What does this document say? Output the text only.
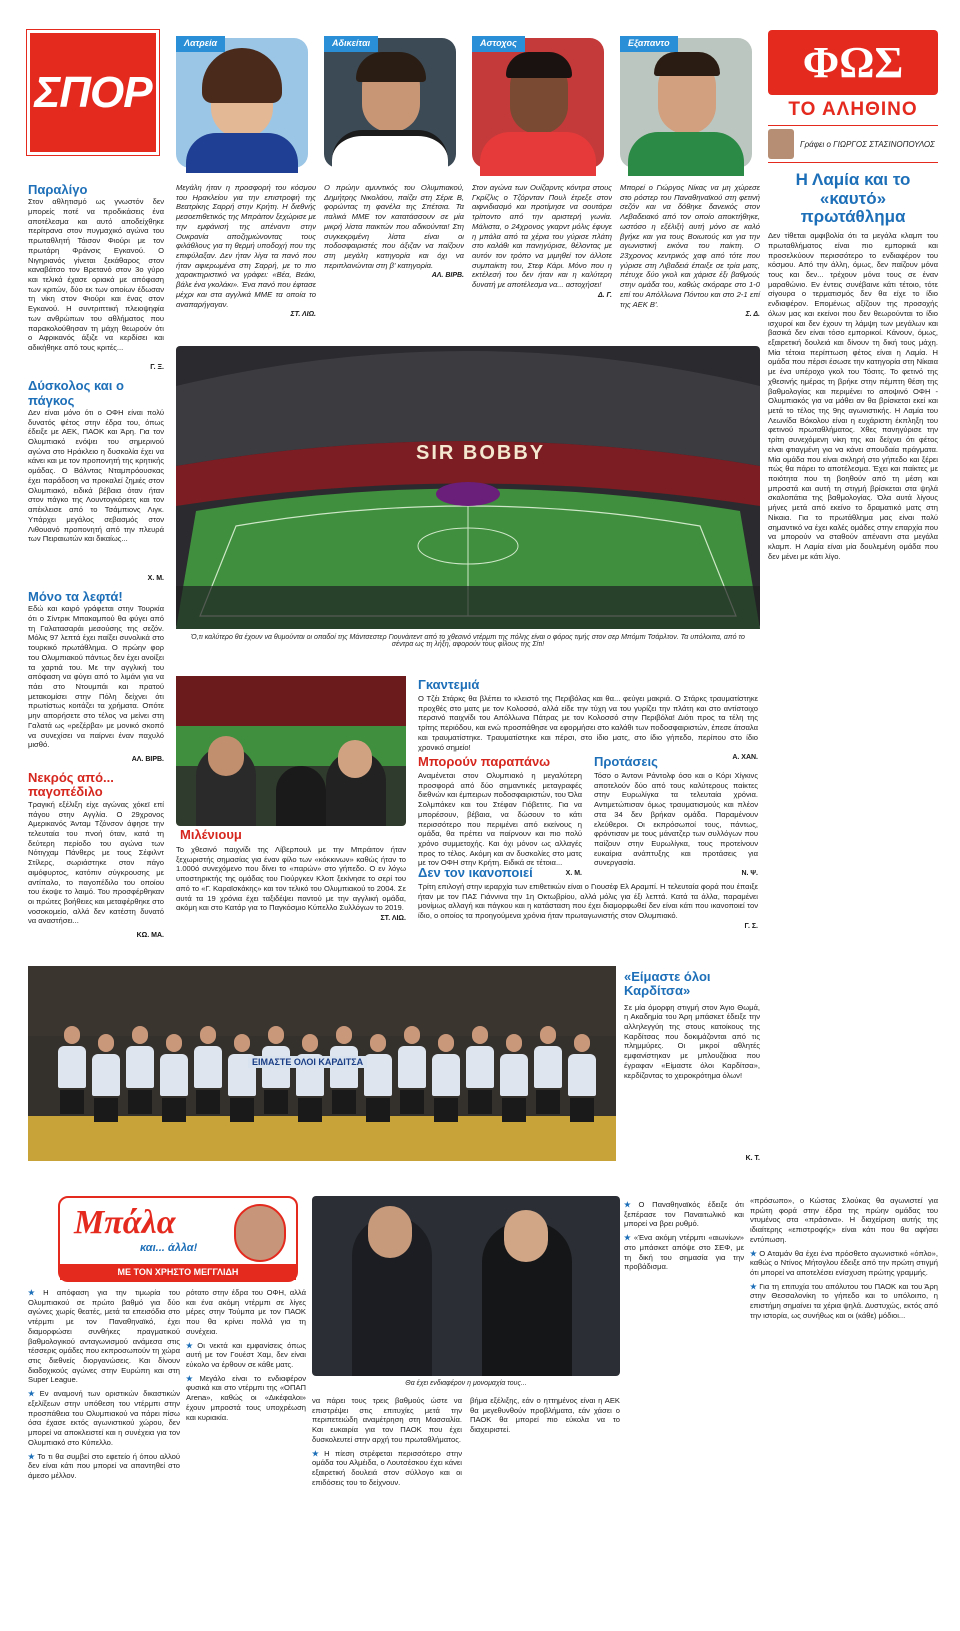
ΣΠΟΡ
Λατρεία	Αδικείται	Αστοχος	Εξαπαντο

Μεγάλη ήταν η προσφορή του κόσμου του Ηρακλείου για την επιστροφή της Βεατρίκης Σαρρή στην Κρήτη. Η διεθνής μεσοεπιθετικός της Μπράιτον ξεχώρισε με την εμφάνισή της απέναντι στην Ουκρανία αποζημιώνοντας τους φιλάθλους για τη θερμή υποδοχή που της επιφύλαξαν. Δεν ήταν λίγα τα πανό που ήταν αφιερωμένα στη Σαρρή, με το πιο χαρακτηριστικό να γράφει: «Βέα, Βεάκι, βάλε ένα γκολάκι». Ένα πανό που έφτασε μέχρι και στα αγγλικά ΜΜΕ τα οποία το αναπαρήγαγαν.

ΣΤ. ΛΙΩ.

Ο πρώην αμυντικός του Ολυμπιακού, Δημήτρης Νικολάου, παίζει στη Σέριε Β, φορώντας τη φανέλα της Σπέτσια. Τα ιταλικά ΜΜΕ τον κατατάσσουν σε μία μικρή λίστα παικτών που αδικούνται! Στη συγκεκριμένη λίστα είναι οι ποδοσφαιριστές που άξιζαν να παίζουν στη μεγάλη κατηγορία και όχι να περιπλανώνται στη β' κατηγορία.

ΑΛ. ΒΙΡΒ.

Στον αγώνα των Ουίζαρντς κόντρα στους Γκρίζλις ο Τζόρνταν Πουλ έτρεξε στον αιφνιδιασμό και προτίμησε να σουτάρει τρίποντο από την αριστερή γωνία. Μάλιστα, ο 24χρονος γκαρντ μόλις έφυγε η μπάλα από τα χέρια του γύρισε πλάτη στο καλάθι και πανηγύρισε, θέλοντας με αυτόν τον τρόπο να μιμηθεί τον άλλοτε συμπαίκτη του, Στεφ Κάρι. Μόνο που η εκτέλεσή του δεν ήταν και η καλύτερη δυνατή με αποτέλεσμα να... αστοχήσει!

Δ. Γ.

Μπορεί ο Γιώργος Νίκας να μη χώρεσε στο ρόστερ του Παναθηναϊκού στη φετινή σεζόν και να δόθηκε δανεικός στον Λεβαδειακό από τον οποίο αποκτήθηκε, ωστόσο η εξέλιξή αυτή μόνο σε καλό βγήκε και για τους Βοιωτούς και για την αγωνιστική εικόνα του παίκτη. Ο 23χρονος κεντρικός χαφ από τότε που γύρισε στη Λιβαδειά έπαιξε σε τρία ματς, πέτυχε δύο γκολ και χάρισε έξι βαθμούς στην ομάδα του, καθώς σκόραρε στο 1-0 επί του Απόλλωνα Πόντου και στο 2-1 επί της ΑΕΚ Β'.

Σ. Δ.

Παραλίγο

Στον αθλητισμό ως γνωστόν δεν μπορείς ποτέ να προδικάσεις ένα αποτέλεσμα και αυτό αποδείχθηκε περίτρανα στον πυγμαχικό αγώνα του πρωταθλητή Τάισον Φιούρι με τον πρωτάρη Φράνσις Εγκανού. Ο Νιγηριανός γίνεται ξεκάθαρος στον καναβάτσο τον Βρετανό στον 3ο γύρο και τελικά έχασε οριακά με απόφαση των κριτών, δύο εκ των οποίων έδωσαν τη νίκη στον Φιούρι και ένας στον Εγκανού. Η συντριπτική πλειοψηφία των ανθρώπων του αθλήματος που παρακολούθησαν τη μάχη θεωρούν ότι ο Αφρικανός άξιζε να κερδίσει και αδικήθηκε από τους κριτές...

Γ. Ξ.

Δύσκολος και ο πάγκος

Δεν είναι μόνο ότι ο ΟΦΗ είναι πολύ δυνατός φέτος στην έδρα του, όπως έδειξε με ΑΕΚ, ΠΑΟΚ και Άρη. Για τον Ολυμπιακό ενόψει του σημερινού αγώνα στο Ηράκλειο η δυσκολία έχει να κάνει και με τον προπονητή της κρητικής ομάδας. Ο Βάλντας Νταμπρόουσκας έχει παράδοση να προκαλεί ζημιές στον Ολυμπιακό, ειδικά βέβαια όταν ήταν στον πάγκο της Λουντογκόρετς και τον απέκλεισε από το Τσάμπιονς Λιγκ. Υπάρχει μεγάλος σεβασμός στον Λιθουανό προπονητή από την πλευρά των Πειραιωτών και δικαίως...

Χ. Μ.

Μόνο τα λεφτά!

Εδώ και καιρό γράφεται στην Τουρκία ότι ο Σίντρικ Μπακαμπού θα φύγει από τη Γαλατασαράι μεσούσης της σεζόν. Μόλις 97 λεπτά έχει παίξει συνολικά στο τουρκικό πρωτάθλημα. Ο πρώην φορ του Ολυμπιακού πάντως δεν έχει ανοίξει τα χαρτιά του. Με την αγγλική του απόφαση να φύγει από το λιμάνι για να πάει στο Ντουμπάι και πρατού μετακομίσει στην Πόλη δείχνει ότι πρωτίστως κοιτάζει τα χρήματα. Οπότε μην απορήσετε στο τέλος να μείνει στη Γαλατά ως «ρεζέρβα» με μονικό σκοπό να συνεχίσει να παίρνει έναν παχυλό μισθό.

ΑΛ. ΒΙΡΒ.

Νεκρός από... παγοπέδιλο

Τραγική εξέλιξη είχε αγώνας χόκεϊ επί πάγου στην Αγγλία. Ο 29χρονος Αμερικανός Άνταμ Τζόνσον άφησε την τελευταία του πνοή όταν, κατά τη δεύτερη περίοδο του αγώνα των Νότιγχαμ Πάνθερς με τους Σέφιλντ Στίλερς, σωριάστηκε στον πάγο αιμόφυρτος, κατόπιν σύγκρουσης με αντίπαλο, το παγοπέδιλο του οποίου του έκοψε το λαιμό. Του προσφέρθηκαν οι πρώτες βοήθειες και μεταφέρθηκε στο νοσοκομείο, αλλά δεν κατέστη δυνατό να αναστήσει...

ΚΩ. ΜΑ.

ΦΩΣ
ΤΟ ΑΛΗΘΙΝΟ
Γράφει ο ΓΙΩΡΓΟΣ ΣΤΑΣΙΝΟΠΟΥΛΟΣ
Η Λαμία και το «καυτό» πρωτάθλημα

Δεν τίθεται αμφιβολία ότι τα μεγάλα κλαμπ του πρωταθλήματος είναι πιο εμπορικά και προσελκύουν περισσότερο το ενδιαφέρον του κόσμου. Από την άλλη, όμως, δεν παίζουν μόνα τους και δεν... τρέχουν μόνα τους σε έναν μαραθώνιο. Εν έντεις συνέβαινε κάτι τέτοιο, τότε σίγουρα ο τερματισμός δεν θα είχε το ίδιο ενδιαφέρον. Επομένως αξίζουν της προσοχής όλων μας και εκείνοι που δεν θεωρούνται το ίδιο ισχυροί και δεν έχουν τη λάμψη των μεγάλων και βασικά δεν είναι τόσο εμπορικοί. Κάνουν, όμως, εξαιρετική δουλειά και δίνουν τη δική τους μάχη. Μία τέτοια περίπτωση φέτος είναι η Λαμία. Η ομάδα που πέρσι έσωσε την κατηγορία στη Νίκαια με ένα υπέροχο γκολ του Τόσιτς. Το φετινό της χθεσινής ημέρας τη βρήκε στην πέμπτη θέση της βαθμολογίας και περιμένει το αποψινό ΟΦΗ - Ολυμπιακός για να μάθει αν θα βρίσκεται εκεί και μετά το τέλος της 9ης αγωνιστικής. Η Λαμία του Λεωνίδα Βόκολου είναι η ευχάριστη έκπληξη του φετινού πρωταθλήματος. Χθες πανηγύρισε την τρίτη συνεχόμενη νίκη της και δείχνει ότι φέτος είναι φτιαγμένη για να κάνει σπουδαία πράγματα. Μία ομάδα που είναι σκληρή στο γήπεδο και ξέρει πώς θα πάρει το αποτέλεσμα. Έχει και παίκτες με ποιότητα που τη βοηθούν από τη μέση και μπροστά και αυτή τη στιγμή βρίσκεται στα ψηλά σκαλοπάτια της βαθμολογίας. Όλα αυτά λίγους μήνες μετά από εκείνο το δραματικό ματς στη Νίκαια. Για το πρωτάθλημα μας είναι πολύ σημαντικό να έχει καλές ομάδες στην επαρχία που να μπορούν να σταθούν απέναντι στα μεγάλα κλαμπ. Η Λαμία είναι μία δουλεμένη ομάδα που δεν μένει με κάτι λίγο.

SIR BOBBY
Ό,τι καλύτερο θα έχουν να θυμούνται οι οπαδοί της Μάντσεστερ Γιουνάιτεντ από το χθεσινό ντέρμπι της πόλης είναι ο φόρος τιμής στον σερ Μπόμπι Τσάρλτον. Τα υπόλοιπα, από το σέντρα ως τη λήξη, αφορούν τους φίλους της Σίτι!
Μιλένιουμ

Το χθεσινό παιχνίδι της Λίβερπουλ με την Μπράιτον ήταν ξεχωριστής σημασίας για έναν φίλο των «κόκκινων» καθώς ήταν το 1.000ό συνεχόμενο που δίνει το «παρών» στο γήπεδο. Ο εν λόγω υποστηρικτής της ομάδας του Γιούργκεν Κλοπ ξεκίνησε το σερί του από το «Γ. Καραϊσκάκης» και τον τελικό του Ολυμπιακού το 2004. Σε αυτά τα 19 χρόνια έχει ταξιδέψει παντού με την αγγλική ομάδα, ακόμη και στο Κατάρ για το Παγκόσμιο Κύπελλο Συλλόγων το 2019.

ΣΤ. ΛΙΩ.

Γκαντεμιά

Ο Τζέι Στάρκς θα βλέπει το κλειστό της Περιβόλας και θα... φεύγει μακριά. Ο Στάρκς τραυματίστηκε προχθές στο ματς με τον Κολοσσό, αλλά είδε την τύχη να του γυρίζει την πλάτη και στο αντίστοιχο περσινό παιχνίδι του Απόλλωνα Πάτρας με τον Κολοσσό στην Περιβόλα! Διότι προς τα τέλη της τρίτης περιόδου, και ενώ προσπάθησε να εφορμήσει στο καλάθι των ποδοσφαιριστών, έπεσε άτσαλα και τραυματίστηκε. Τραυματίστηκε και πέρσι, στο ίδιο ματς, στο ίδιο γήπεδο, περίπου στο ίδιο χρονικό σημείο!

Α. ΧΑΝ.

Μπορούν παραπάνω

Αναμένεται στον Ολυμπιακό η μεγαλύτερη προσφορά από δύο σημαντικές μεταγραφές διεθνών και έμπειρων ποδοσφαιριστών, του Όλα Σολμπάκεν και του Στέφαν Γιόβετιτς. Για να μπορέσουν, βέβαια, να δώσουν το κάτι περισσότερο που περιμένει από εκείνους η ομάδα, θα πρέπει να παίρνουν και πιο πολύ χρόνο συμμετοχής. Και όχι μόνον ως αλλαγές προς το τέλος. Ακόμη και αν δυσκολίες στο ματς με τον ΟΦΗ στην Κρήτη. Ειδικά σε τέτοια...

Χ. Μ.

Προτάσεις

Τόσο ο Άντονι Ράντολφ όσο και ο Κόρι Χίγκινς αποτελούν δύο από τους καλύτερους παίκτες στην Ευρωλίγκα τα τελευταία χρόνια. Αντιμετώπισαν όμως τραυματισμούς και πλέον στα 34 δεν βρήκαν ομάδα. Παραμένουν ελεύθεροι. Οι εκπρόσωποί τους, πάντως, φρόντισαν με τους μάνατζερ των συλλόγων που παίζουν στην Ευρωλίγκα, τους προτείνουν ευκαίρια ανάπτυξης και προτάσεις για συνεργασία.

Ν. Ψ.

Δεν τον ικανοποιεί

Τρίτη επιλογή στην ιεραρχία των επιθετικών είναι ο Γιουσέφ Ελ Αραμπί. Η τελευταία φορά που έπαιξε ήταν με τον ΠΑΣ Γιάννινα την 1η Οκτωβρίου, αλλά μόλις για έξι λεπτά. Κατά τα άλλα, παραμένει μονίμως αλλαγή και πάγκου και η κατάσταση που έχει διαμορφωθεί δεν είναι κάτι που ικανοποιεί τον ίδιο, ο οποίος τα προηγούμενα χρόνια ήταν πρωταγωνιστής στον Ολυμπιακό.

Γ. Σ.

ΕΙΜΑΣΤΕ ΟΛΟΙ ΚΑΡΔΙΤΣΑ
«Είμαστε όλοι Καρδίτσα»

Σε μία όμορφη στιγμή στον Άγιο Θωμά, η Ακαδημία του Άρη μπάσκετ έδειξε την αλληλεγγύη της στους κατοίκους της Καρδίτσας που δοκιμάζονται από τις πλημμύρες. Οι μικροί αθλητές εμφανίστηκαν με μπλουζάκια που έγραφαν «Είμαστε όλοι Καρδίτσα», κερδίζοντας το χειροκρότημα όλων!

Κ. Τ.

Μπάλα
και... άλλα!
ΜΕ ΤΟΝ ΧΡΗΣΤΟ ΜΕΓΓΛΙΔΗ
Θα έχει ενδιαφέρον η μονομαχία τους...

★ Η απόφαση για την τιμωρία του Ολυμπιακού σε πρώτο βαθμό για δύο αγώνες χωρίς θεατές, μετά τα επεισόδια στο ντέρμπι με τον Παναθηναϊκό, έχει διαμορφώσει συνθήκες πραγματικού βαθμολογικού ανταγωνισμού ανάμεσα στις τέσσερις ομάδες που εκπροσωπούν τη χώρα στις διεθνείς διοργανώσεις. Και δίνουν διαδοχικούς αγώνες στην Ευρώπη και στη Super League.

★ Εν αναμονή των οριστικών δικαστικών εξελίξεων στην υπόθεση του ντέρμπι στην προσπάθεια του Ολυμπιακού να πάρει πίσω όσα έχασε εκτός αγωνιστικού χώρου, δεν μπορεί να αποκλειστεί και η συνέχεια για τον Ολυμπιακό στο Κύπελλο.

★ Το τι θα συμβεί στο εφετείο ή όπου αλλού δεν είναι κάτι που μπορεί να απαντηθεί στο άμεσο μέλλον.

ρότατο στην έδρα του ΟΦΗ, αλλά και ένα ακόμη ντέρμπι σε λίγες μέρες στην Τούμπα με τον ΠΑΟΚ που θα κρίνει πολλά για τη συνέχεια.

★ Οι νεκτά και εμφανίσεις όπως αυτή με τον Γουέστ Χαμ, δεν είναι εύκολο να έρθουν σε κάθε ματς.

★ Μεγάλο είναι το ενδιαφέρον φυσικά και στο ντέρμπι της «ΟΠΑΠ Arena», καθώς οι «Δικέφαλοι» έχουν μπροστά τους υποχρέωση και κυριακία.

να πάρει τους τρεις βαθμούς ώστε να επιστρέψει στις επιτυχίες μετά την περιπετειώδη αναμέτρηση στη Μασσαλία. Και ευκαιρία για τον ΠΑΟΚ που έχει δυσκολευτεί στην αρχή του πρωταθλήματος.

★ Η πίεση στρέφεται περισσότερο στην ομάδα του Αλμέιδα, ο Λουτσέσκου έχει κάνει εξαιρετική δουλειά στον σύλλογο και οι επιδόσεις του το δείχνουν.

βήμα εξέλιξης, εάν ο ηττημένος είναι η ΑΕΚ θα μεγεθυνθούν προβλήματα, εάν χάσει ο ΠΑΟΚ θα μπορεί πιο εύκολα να το διαχειριστεί.

★ Ο Παναθηναϊκός έδειξε ότι ξεπέρασε τον Παναιτωλικό και μπορεί να βρει ρυθμό.

★ «Ένα ακόμη ντέρμπι «αιωνίων» στο μπάσκετ απόψε στο ΣΕΦ, με τη δική του σημασία για την προβάδισμα.

«πρόσωπο», ο Κώστας Σλούκας θα αγωνιστεί για πρώτη φορά στην έδρα της πρώην ομάδας του ντυμένος στα «πράσινα». Η διαχείριση αυτής της ιδιαίτερης «επιστροφής» είναι κάτι που θα αφήσει εντύπωση.

★ Ο Αταμάν θα έχει ένα πρόσθετο αγωνιστικό «όπλο», καθώς ο Ντίνος Μήτογλου έδειξε από την πρώτη στιγμή ότι μπορεί να αποτελέσει ενίσχυση πρώτης γραμμής.

★ Για τη επιτυχία του απόλυτου του ΠΑΟΚ και του Άρη στην Θεσσαλονίκη το γήπεδο και το υπόλοιπο, η επιστήμη σημαίνει τα χέρια ψηλά. Δυστυχώς, εκτός από την ιστορία, ως συνήθως και οι (κάθε) μόδιοι...
